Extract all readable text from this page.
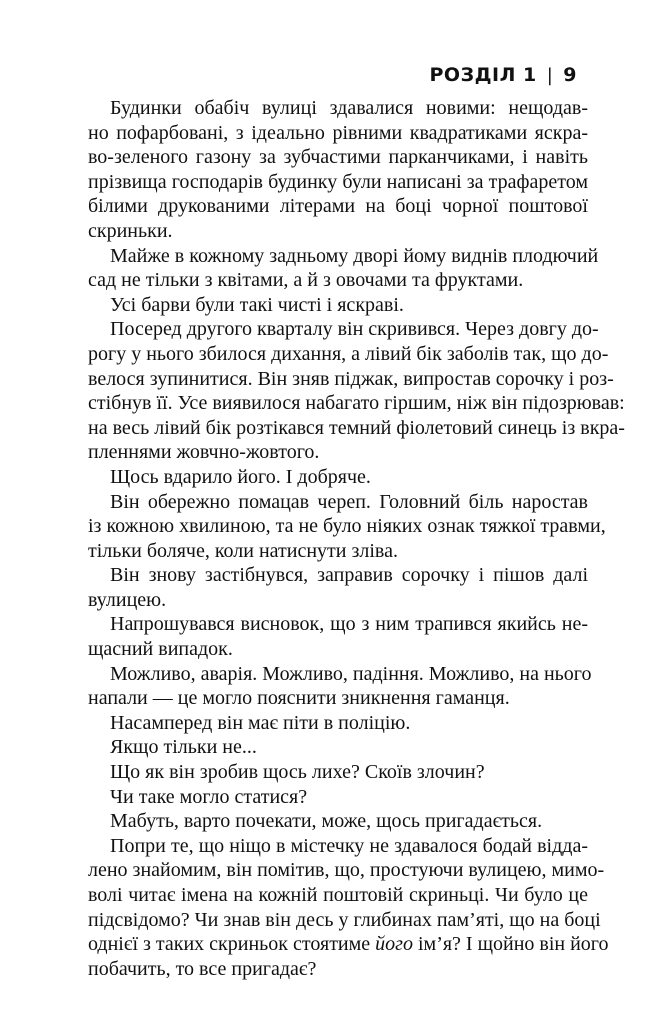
РОЗДІЛ 1 | 9
Будинки обабіч вулиці здавалися новими: нещодав-
но пофарбовані, з ідеально рівними квадратиками яскра-
во-зеленого газону за зубчастими парканчиками, і навіть
прізвища господарів будинку були написані за трафаретом
білими друкованими літерами на боці чорної поштової
скриньки.
Майже в кожному задньому дворі йому виднів плодючий
сад не тільки з квітами, а й з овочами та фруктами.
Усі барви були такі чисті і яскраві.
Посеред другого кварталу він скривився. Через довгу до-
рогу у нього збилося дихання, а лівий бік заболів так, що до-
велося зупинитися. Він зняв піджак, випростав сорочку і роз-
стібнув її. Усе виявилося набагато гіршим, ніж він підозрював:
на весь лівий бік розтікався темний фіолетовий синець із вкра-
пленнями жовчно-жовтого.
Щось вдарило його. І добряче.
Він обережно помацав череп. Головний біль наростав
із кожною хвилиною, та не було ніяких ознак тяжкої травми,
тільки боляче, коли натиснути зліва.
Він знову застібнувся, заправив сорочку і пішов далі
вулицею.
Напрошувався висновок, що з ним трапився якийсь не-
щасний випадок.
Можливо, аварія. Можливо, падіння. Можливо, на нього
напали — це могло пояснити зникнення гаманця.
Насамперед він має піти в поліцію.
Якщо тільки не...
Що як він зробив щось лихе? Скоїв злочин?
Чи таке могло статися?
Мабуть, варто почекати, може, щось пригадається.
Попри те, що ніщо в містечку не здавалося бодай віддa-
лено знайомим, він помітив, що, простуючи вулицею, мимо-
волі читає імена на кожній поштовій скриньці. Чи було це
підсвідомо? Чи знав він десь у глибинах пам’яті, що на боці
однієї з таких скриньок стоятиме його ім’я? І щойно він його
побачить, то все пригадає?
